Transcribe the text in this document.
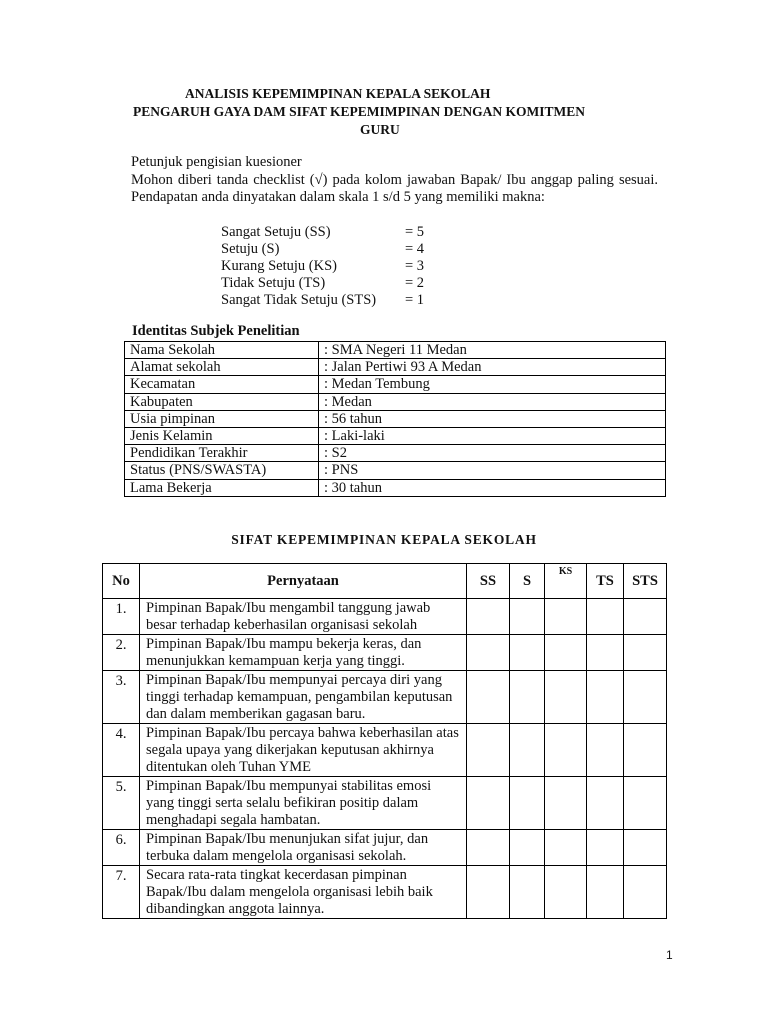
ANALISIS KEPEMIMPINAN KEPALA SEKOLAH
PENGARUH GAYA DAM SIFAT KEPEMIMPINAN DENGAN KOMITMEN
GURU
Petunjuk pengisian kuesioner
Mohon diberi tanda checklist (√) pada kolom jawaban Bapak/ Ibu anggap paling sesuai. Pendapatan anda dinyatakan dalam skala 1 s/d 5 yang memiliki makna:
Sangat Setuju (SS)	= 5
Setuju (S)	= 4
Kurang Setuju (KS)	= 3
Tidak Setuju (TS)	= 2
Sangat Tidak Setuju (STS) = 1
Identitas Subjek Penelitian
Nama Sekolah	: SMA Negeri 11 Medan
Alamat sekolah	: Jalan Pertiwi 93 A Medan
Kecamatan	: Medan Tembung
Kabupaten	: Medan
Usia pimpinan	: 56 tahun
Jenis Kelamin	: Laki-laki
Pendidikan Terakhir	: S2
Status (PNS/SWASTA)	: PNS
Lama Bekerja	: 30 tahun
SIFAT KEPEMIMPINAN KEPALA SEKOLAH
No	Pernyataan	SS	S	KS	TS	STS
1.	Pimpinan Bapak/Ibu mengambil tanggung jawab besar terhadap keberhasilan organisasi sekolah					
2.	Pimpinan Bapak/Ibu mampu bekerja keras, dan menunjukkan kemampuan kerja yang tinggi.					
3.	Pimpinan Bapak/Ibu mempunyai percaya diri yang tinggi terhadap kemampuan, pengambilan keputusan dan dalam memberikan gagasan baru.					
4.	Pimpinan Bapak/Ibu percaya bahwa keberhasilan atas segala upaya yang dikerjakan keputusan akhirnya ditentukan oleh Tuhan YME					
5.	Pimpinan Bapak/Ibu mempunyai stabilitas emosi yang tinggi serta selalu befikiran positip dalam menghadapi segala hambatan.					
6.	Pimpinan Bapak/Ibu menunjukan sifat jujur, dan terbuka dalam mengelola organisasi sekolah.					
7.	Secara rata-rata tingkat kecerdasan pimpinan Bapak/Ibu dalam mengelola organisasi lebih baik dibandingkan anggota lainnya.					
1
